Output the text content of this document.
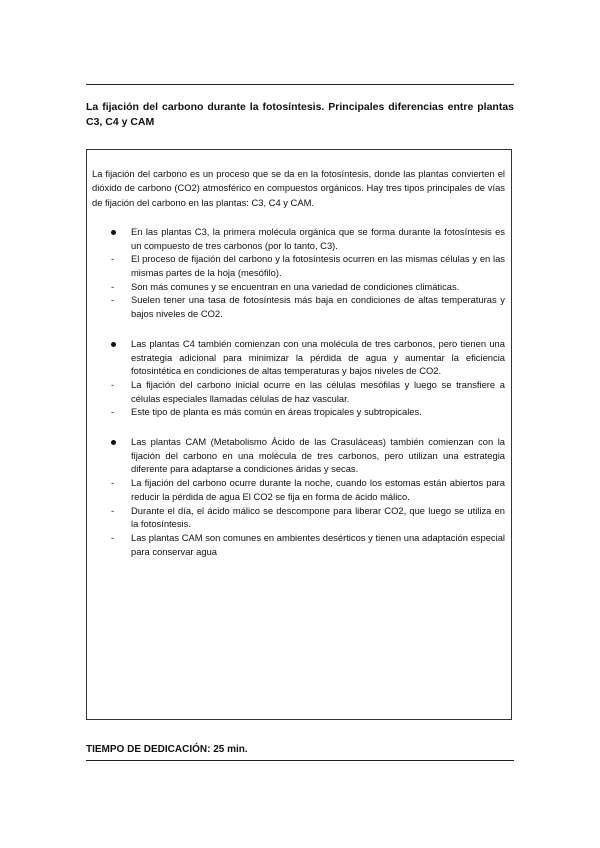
La fijación del carbono durante la fotosíntesis. Principales diferencias entre plantas C3, C4 y CAM

La fijación del carbono es un proceso que se da en la fotosíntesis, donde las plantas convierten el dióxido de carbono (CO2) atmosférico en compuestos orgánicos. Hay tres tipos principales de vías de fijación del carbono en las plantas: C3, C4 y CAM.

En las plantas C3, la primera molécula orgánica que se forma durante la fotosíntesis es un compuesto de tres carbonos (por lo tanto, C3).

-	El proceso de fijación del carbono y la fotosíntesis ocurren en las mismas células y en las mismas partes de la hoja (mesófilo).

-	Son más comunes y se encuentran en una variedad de condiciones climáticas.

-	Suelen tener una tasa de fotosíntesis más baja en condiciones de altas temperaturas y bajos niveles de CO2.

Las plantas C4 también comienzan con una molécula de tres carbonos, pero tienen una estrategia adicional para minimizar la pérdida de agua y aumentar la eficiencia fotosintética en condiciones de altas temperaturas y bajos niveles de CO2.

-	La fijación del carbono inicial ocurre en las células mesófilas y luego se transfiere a células especiales llamadas células de haz vascular.

-	Este tipo de planta es más común en áreas tropicales y subtropicales.

Las plantas CAM (Metabolismo Ácido de las Crasuláceas) también comienzan con la fijación del carbono en una molécula de tres carbonos, pero utilizan una estrategia diferente para adaptarse a condiciones áridas y secas.

-	La fijación del carbono ocurre durante la noche, cuando los estomas están abiertos para reducir la pérdida de agua El CO2 se fija en forma de ácido málico.

-	Durante el día, el ácido málico se descompone para liberar CO2, que luego se utiliza en la fotosíntesis.

-	Las plantas CAM son comunes en ambientes desérticos y tienen una adaptación especial para conservar agua

TIEMPO DE DEDICACIÓN: 25 min.
